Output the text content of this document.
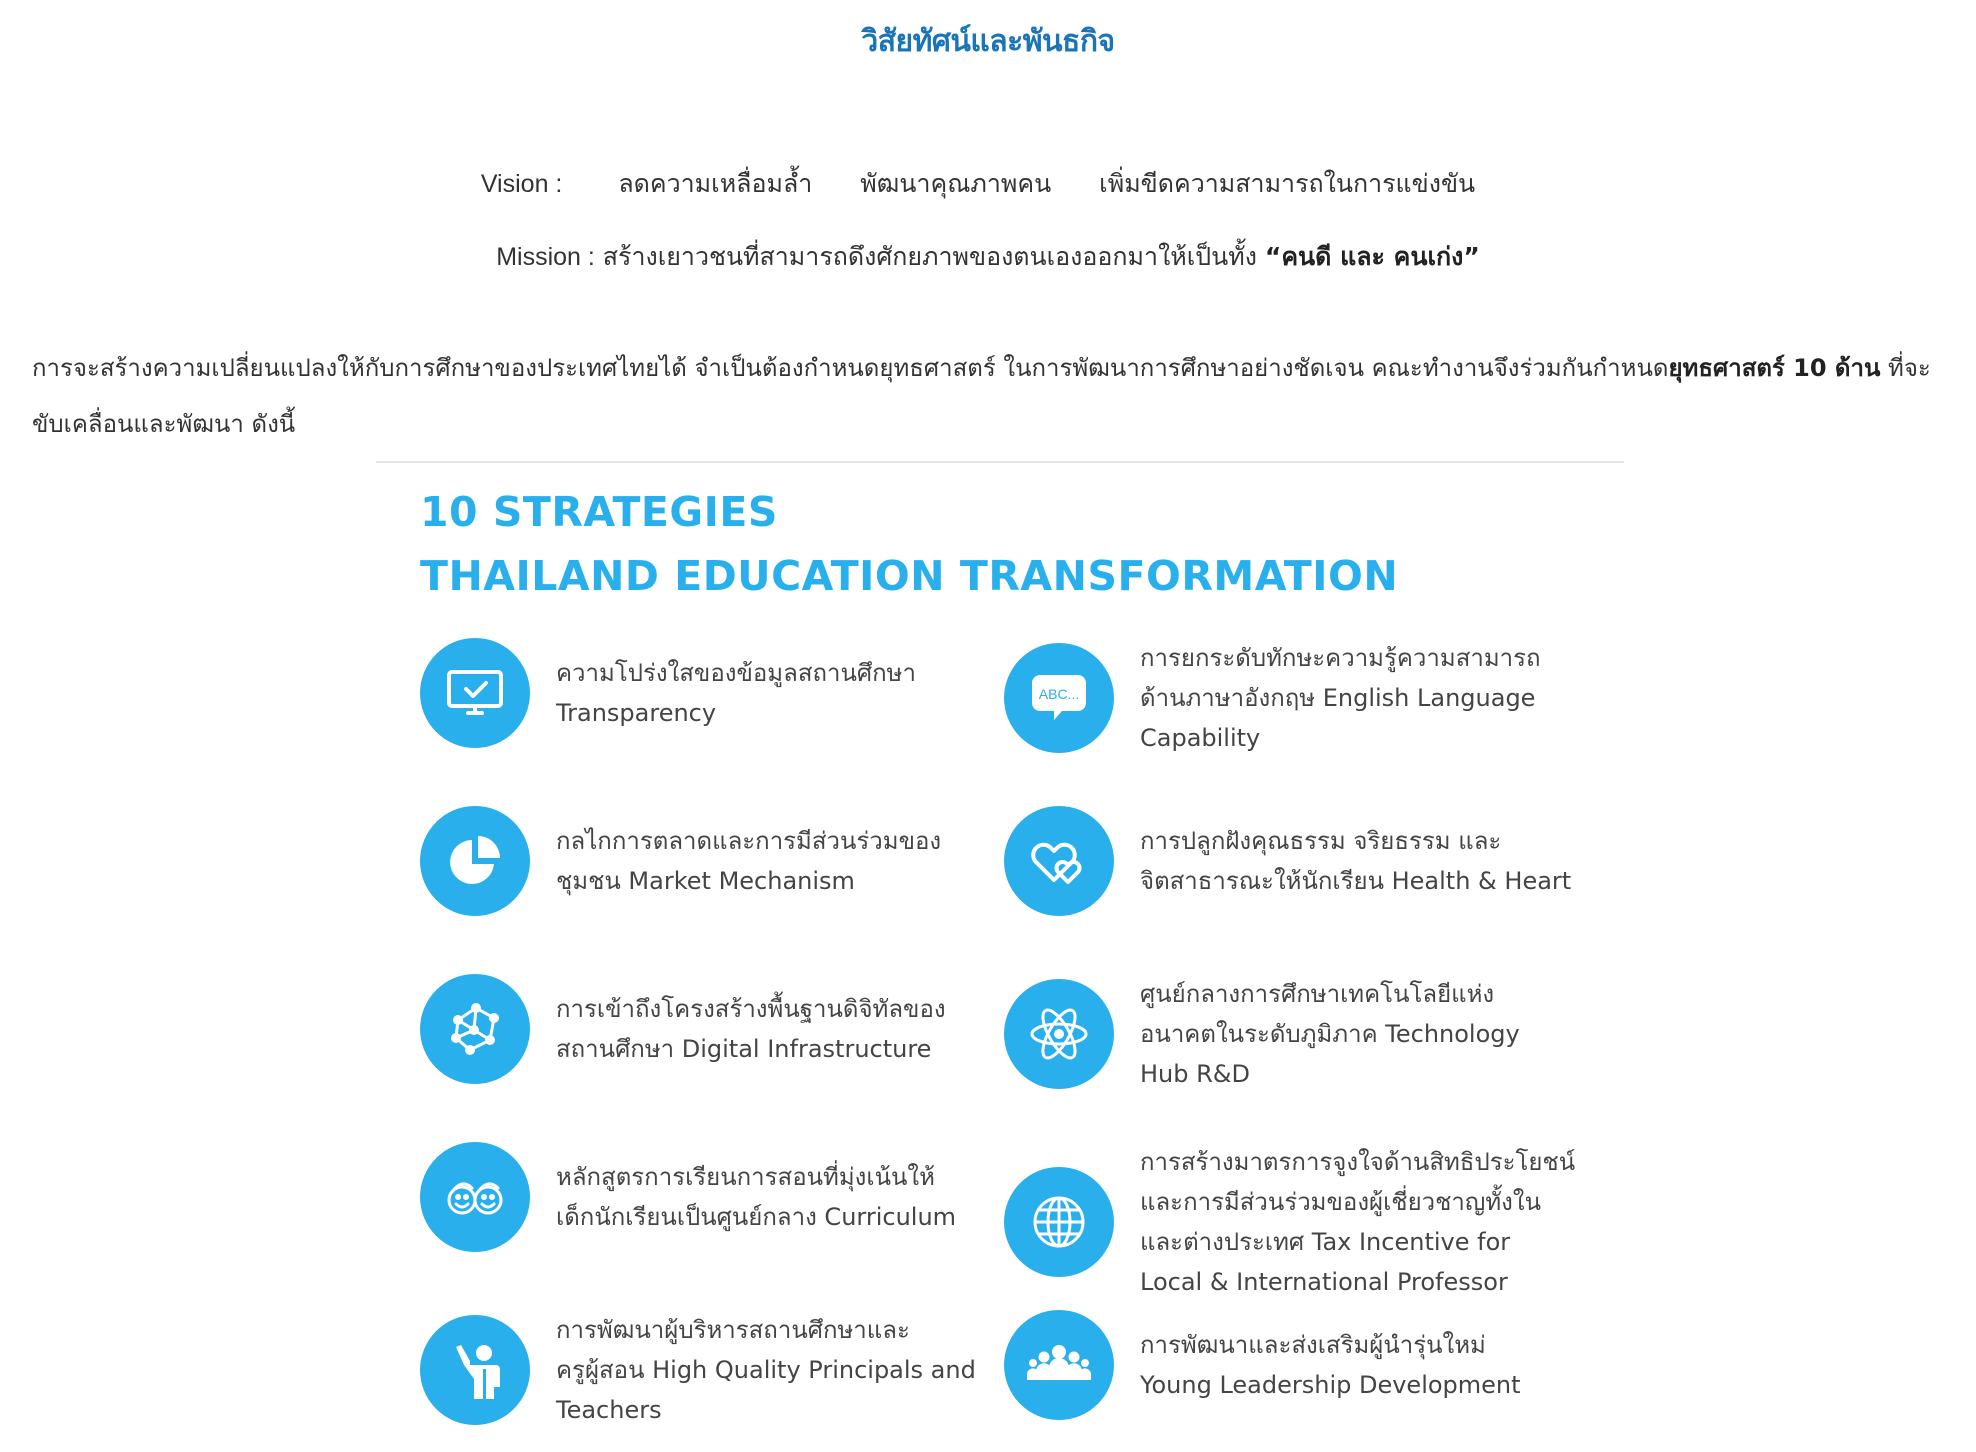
วิสัยทัศน์และพันธกิจ
Vision : ลดความเหลื่อมล้ำ พัฒนาคุณภาพคน เพิ่มขีดความสามารถในการแข่งขัน
Mission : สร้างเยาวชนที่สามารถดึงศักยภาพของตนเองออกมาให้เป็นทั้ง “คนดี และ คนเก่ง”
การจะสร้างความเปลี่ยนแปลงให้กับการศึกษาของประเทศไทยได้ จำเป็นต้องกำหนดยุทธศาสตร์ ในการพัฒนาการศึกษาอย่างชัดเจน คณะทำงานจึงร่วมกันกำหนดยุทธศาสตร์ 10 ด้าน ที่จะขับเคลื่อนและพัฒนา ดังนี้
10 STRATEGIES
THAILAND EDUCATION TRANSFORMATION
ความโปร่งใสของข้อมูลสถานศึกษา
Transparency
ABC...
การยกระดับทักษะความรู้ความสามารถ
ด้านภาษาอังกฤษ English Language
Capability
กลไกการตลาดและการมีส่วนร่วมของ
ชุมชน Market Mechanism
การปลูกฝังคุณธรรม จริยธรรม และ
จิตสาธารณะให้นักเรียน Health & Heart
การเข้าถึงโครงสร้างพื้นฐานดิจิทัลของ
สถานศึกษา Digital Infrastructure
ศูนย์กลางการศึกษาเทคโนโลยีแห่ง
อนาคตในระดับภูมิภาค Technology
Hub R&D
หลักสูตรการเรียนการสอนที่มุ่งเน้นให้
เด็กนักเรียนเป็นศูนย์กลาง Curriculum
การสร้างมาตรการจูงใจด้านสิทธิประโยชน์
และการมีส่วนร่วมของผู้เชี่ยวชาญทั้งใน
และต่างประเทศ Tax Incentive for
Local & International Professor
การพัฒนาผู้บริหารสถานศึกษาและ
ครูผู้สอน High Quality Principals and
Teachers
การพัฒนาและส่งเสริมผู้นำรุ่นใหม่
Young Leadership Development
